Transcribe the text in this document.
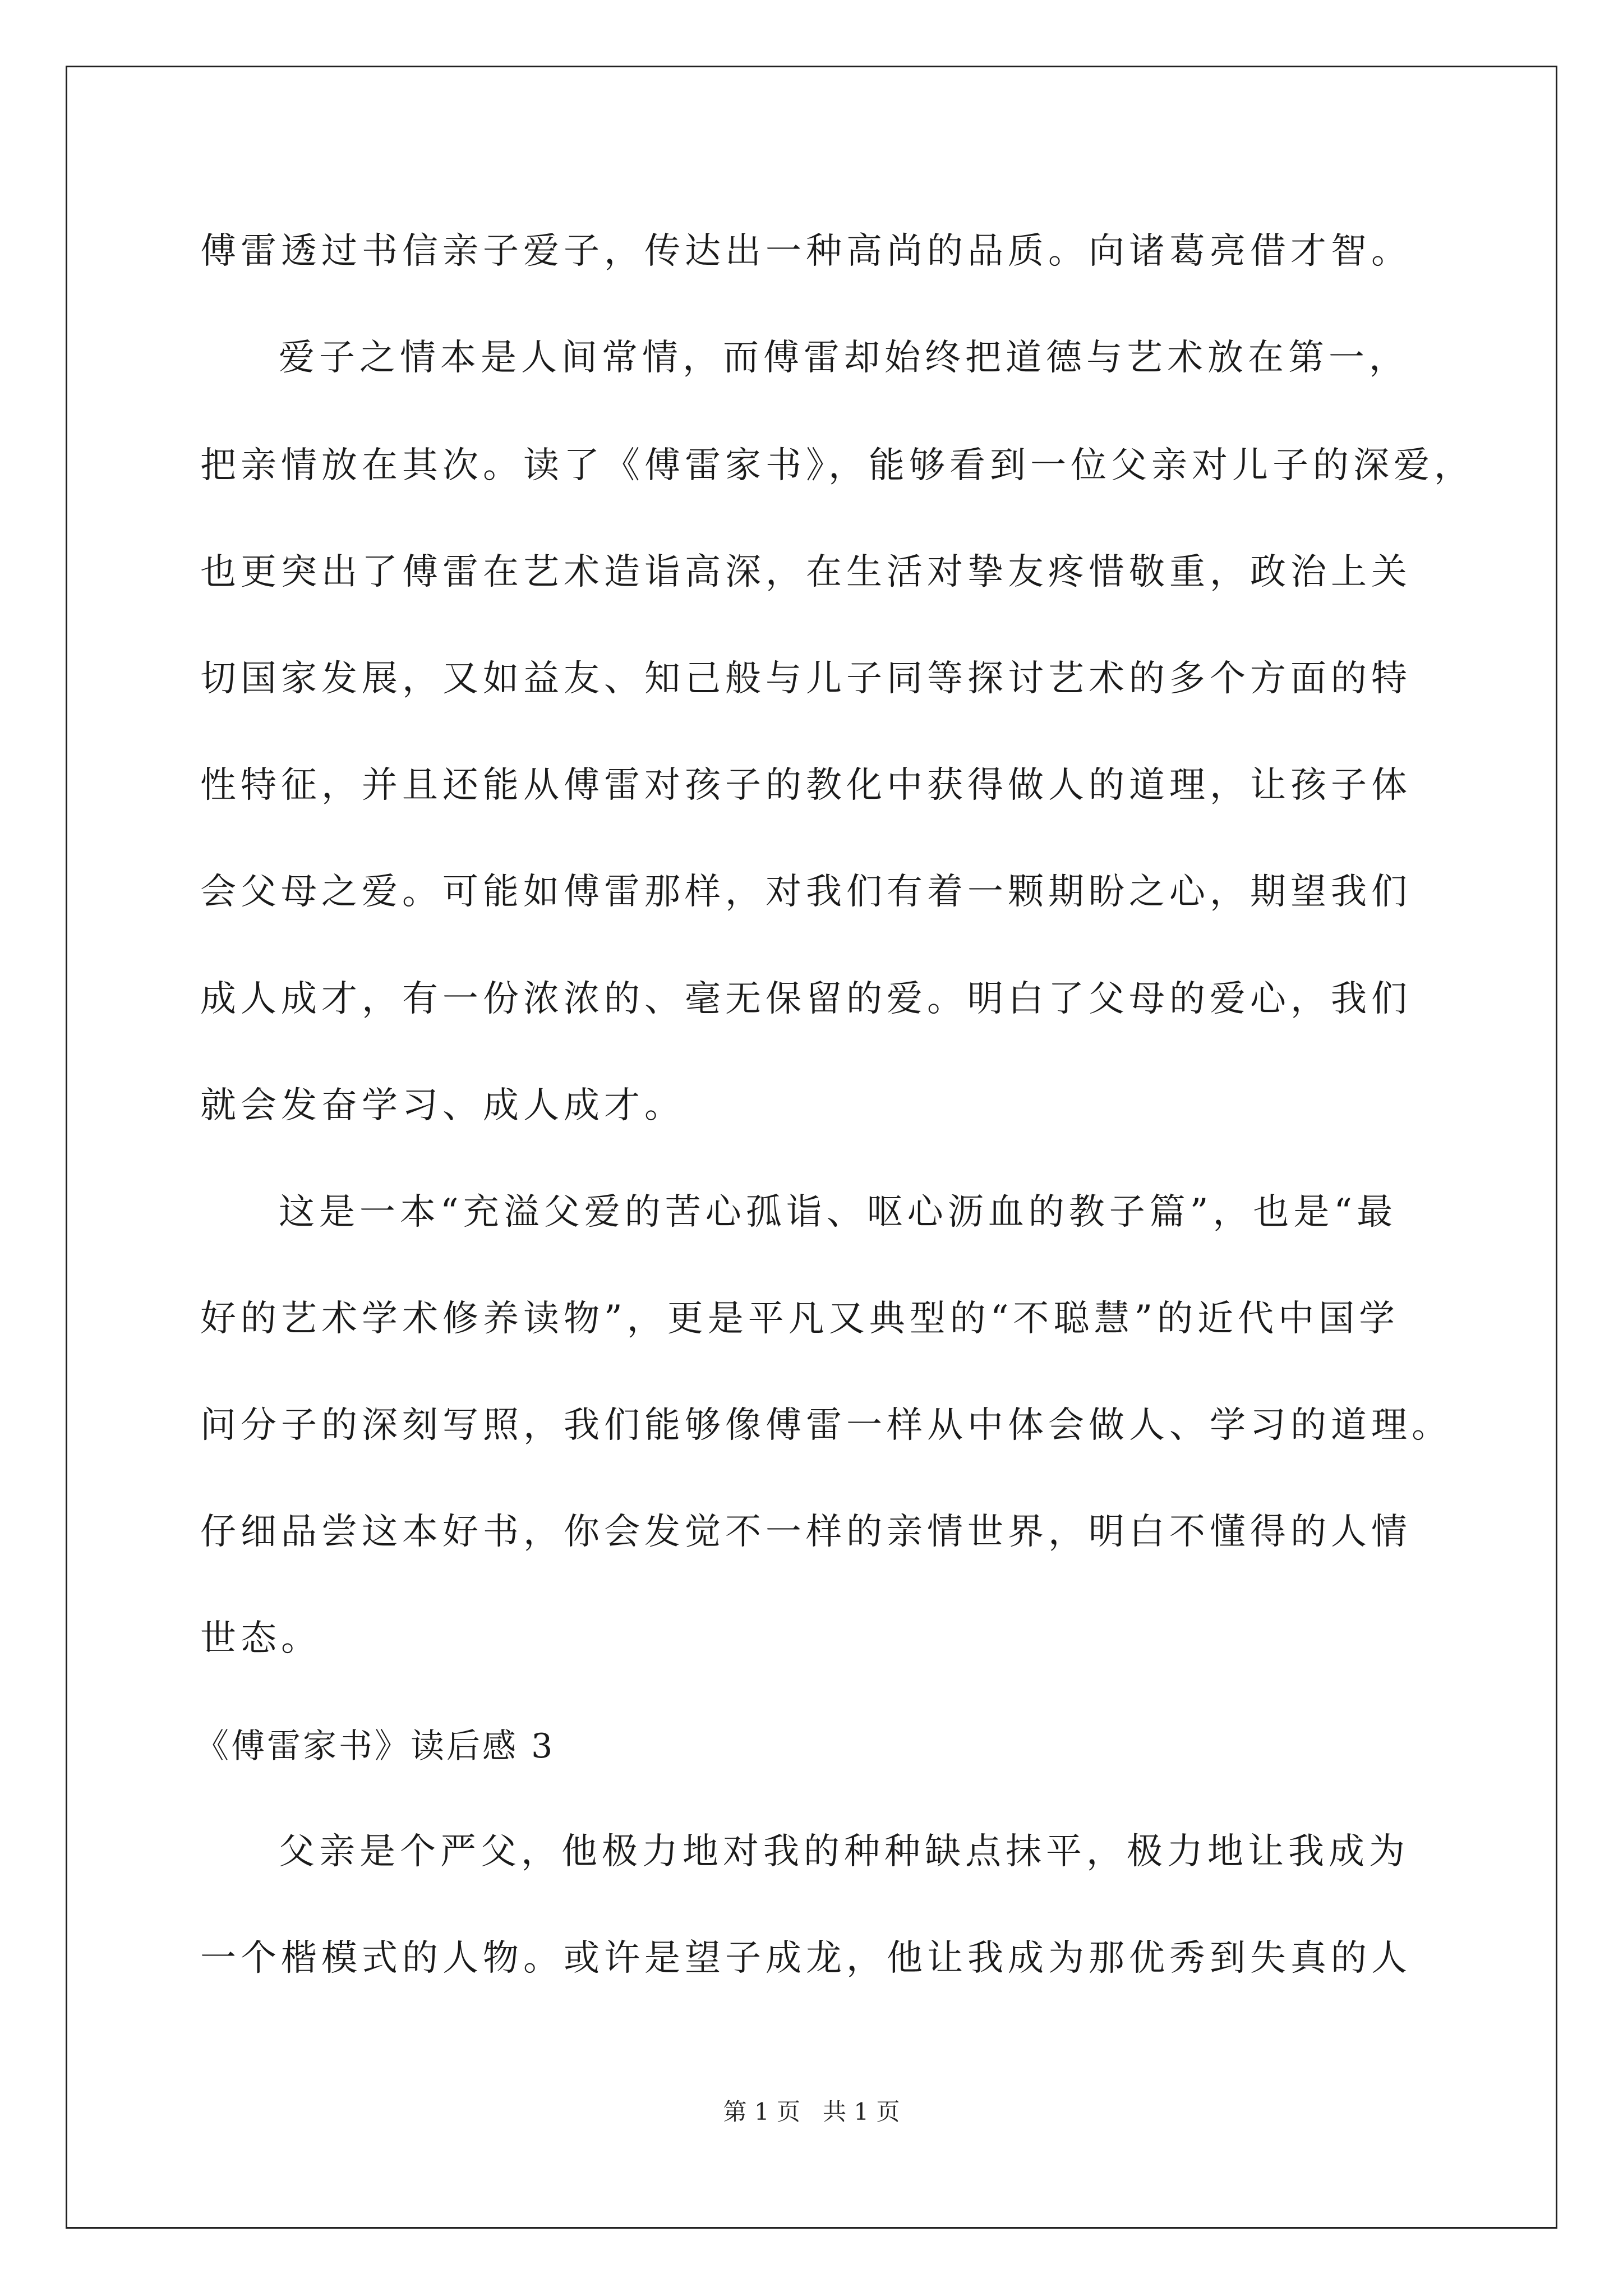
傅雷透过书信亲子爱子，传达出一种高尚的品质。向诸葛亮借才智。
爱子之情本是人间常情，而傅雷却始终把道德与艺术放在第一，
把亲情放在其次。读了《傅雷家书》，能够看到一位父亲对儿子的深爱，
也更突出了傅雷在艺术造诣高深，在生活对挚友疼惜敬重，政治上关
切国家发展，又如益友、知己般与儿子同等探讨艺术的多个方面的特
性特征，并且还能从傅雷对孩子的教化中获得做人的道理，让孩子体
会父母之爱。可能如傅雷那样，对我们有着一颗期盼之心，期望我们
成人成才，有一份浓浓的、毫无保留的爱。明白了父母的爱心，我们
就会发奋学习、成人成才。
这是一本“充溢父爱的苦心孤诣、呕心沥血的教子篇”，也是“最
好的艺术学术修养读物”，更是平凡又典型的“不聪慧”的近代中国学
问分子的深刻写照，我们能够像傅雷一样从中体会做人、学习的道理。
仔细品尝这本好书，你会发觉不一样的亲情世界，明白不懂得的人情
世态。
《傅雷家书》读后感 3
父亲是个严父，他极力地对我的种种缺点抹平，极力地让我成为
一个楷模式的人物。或许是望子成龙，他让我成为那优秀到失真的人
第 1 页   共 1 页
